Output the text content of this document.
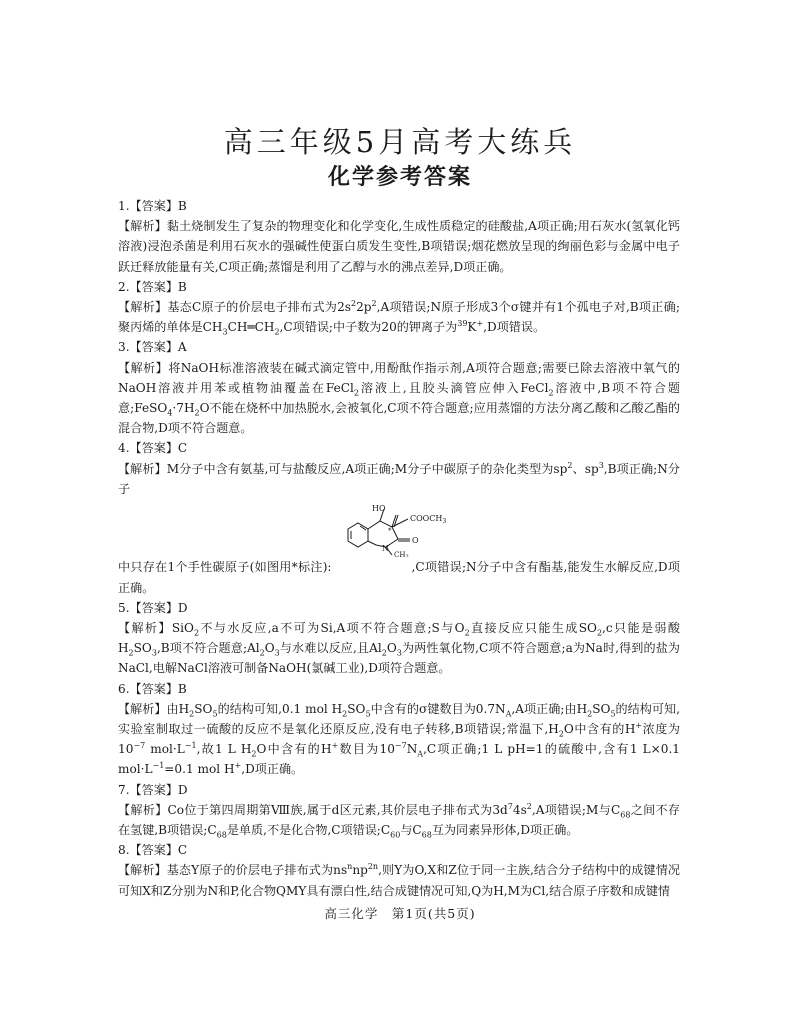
高三年级5月高考大练兵
化学参考答案
1.【答案】B
【解析】黏土烧制发生了复杂的物理变化和化学变化,生成性质稳定的硅酸盐,A项正确;用石灰水(氢氧化钙溶液)浸泡杀菌是利用石灰水的强碱性使蛋白质发生变性,B项错误;烟花燃放呈现的绚丽色彩与金属中电子跃迁释放能量有关,C项正确;蒸馏是利用了乙醇与水的沸点差异,D项正确。
2.【答案】B
【解析】基态C原子的价层电子排布式为$2s^22p^2,A$项错误;N原子形成3个σ键并有1个孤电子对,B项正确;聚丙烯的单体是$CH_3CH═CH_2,C$项错误;中子数为20的钾离子为$^{39}$K+,D项错误。
3.【答案】A
【解析】将NaOH标准溶液装在碱式滴定管中,用酚酞作指示剂,A项符合题意;需要已除去溶液中氧气的NaOH溶液并用苯或植物油覆盖在FeCl$_2$溶液上,且胶头滴管应伸入FeCl$_2$溶液中,B项不符合题意$;FeSO_4\cdot 7H_2O$不能在烧杯中加热脱水,会被氧化,C项不符合题意;应用蒸馏的方法分离乙酸和乙酸乙酯的混合物,D项不符合题意。
4.【答案】C
【解析】M分子中含有氨基,可与盐酸反应,A项正确;M分子中碳原子的杂化类型为$sp^2$、$sp^3,B$项正确;N分子
HO
$COOCH_3$
O
N
*
CH3
中只存在1个手性碳原子(如图用*标注):	,C项错误;N分子中含有酯基,能发生水解反应,D项正确。
5.【答案】D
【解析】SiO$_2$不与水反应,a不可为Si,A项不符合题意;S与$O_2$直接反应只能生成$SO_2,c$只能是弱酸$H_2SO_3,B$项不符合题意$;Al_2O_3$与水难以反应,且$Al_2O_3$为两性氧化物,C项不符合题意;a为Na时,得到的盐为NaCl,电解NaCl溶液可制备NaOH(氯碱工业),D项符合题意。
6.【答案】B
【解析】由$H_2SO_5$的结构可知,0.1 mol $H_2SO_5$中含有的σ键数目为$0.7N_A,A$项正确;由$H_2SO_5$的结构可知,实验室制取过一硫酸的反应不是氧化还原反应,没有电子转移,B项错误;常温下$,H_2O$中含有的H+浓度为$10^{-7}$ $mol\cdot L^{-1}$,故1 L $H_2O$中含有的H+数目为$10^{-7}N_A,C$项正确;1 L pH=1的硫酸中,含有1 L×0.1 $mol\cdot L^{-1}=0.1$ mol H+,D项正确。
7.【答案】D
【解析】Co位于第四周期第Ⅷ族,属于d区元素,其价层电子排布式为$3d^74s^2,A$项错误;M与$C_{68}$之间不存在氢键,B项错误$;C_{68}$是单质,不是化合物,C项错误$;C_{60}$与$C_{68}$互为同素异形体,D项正确。
8.【答案】C
【解析】基态Y原子的价层电子排布式为$ns^nnp^{2n}$,则Y为O,X和Z位于同一主族,结合分子结构中的成键情况可知X和Z分别为N和P,化合物QMY具有漂白性,结合成键情况可知,Q为H,M为Cl,结合原子序数和成键情
高三化学　第1页(共5页)
